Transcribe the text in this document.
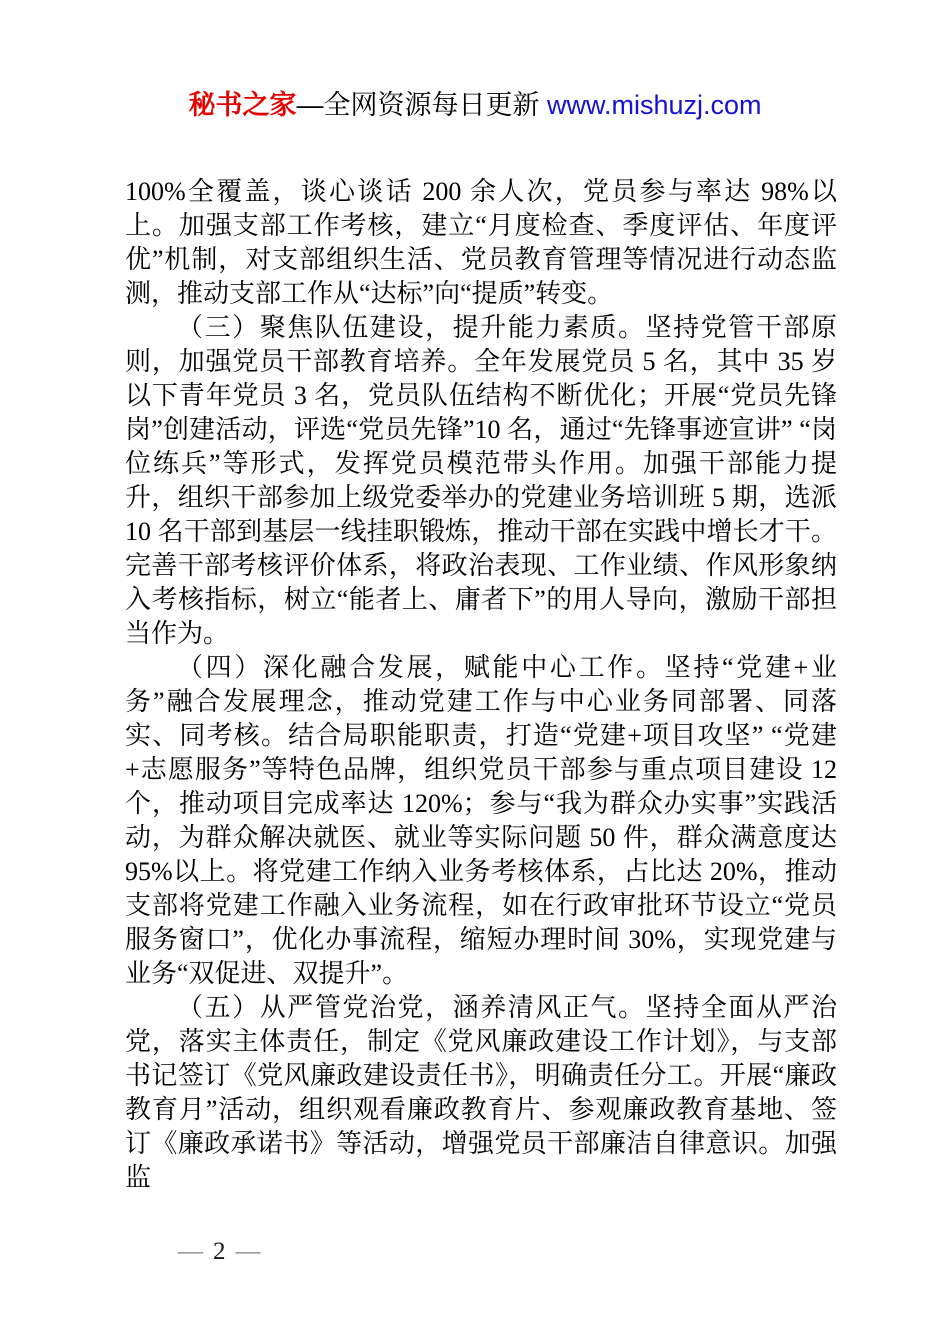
秘书之家—全网资源每日更新 www.mishuzj.com

100%全覆盖，谈心谈话 200 余人次，党员参与率达 98%以上。加强支部工作考核，建立“月度检查、季度评估、年度评优”机制，对支部组织生活、党员教育管理等情况进行动态监测，推动支部工作从“达标”向“提质”转变。

（三）聚焦队伍建设，提升能力素质。坚持党管干部原则，加强党员干部教育培养。全年发展党员 5 名，其中 35 岁以下青年党员 3 名，党员队伍结构不断优化；开展“党员先锋岗”创建活动，评选“党员先锋”10 名，通过“先锋事迹宣讲” “岗位练兵”等形式，发挥党员模范带头作用。加强干部能力提升，组织干部参加上级党委举办的党建业务培训班 5 期，选派 10 名干部到基层一线挂职锻炼，推动干部在实践中增长才干。完善干部考核评价体系，将政治表现、工作业绩、作风形象纳入考核指标，树立“能者上、庸者下”的用人导向，激励干部担当作为。

（四）深化融合发展，赋能中心工作。坚持“党建+业务”融合发展理念，推动党建工作与中心业务同部署、同落实、同考核。结合局职能职责，打造“党建+项目攻坚” “党建+志愿服务”等特色品牌，组织党员干部参与重点项目建设 12 个，推动项目完成率达 120%；参与“我为群众办实事”实践活动，为群众解决就医、就业等实际问题 50 件，群众满意度达 95%以上。将党建工作纳入业务考核体系，占比达 20%，推动支部将党建工作融入业务流程，如在行政审批环节设立“党员服务窗口”，优化办事流程，缩短办理时间 30%，实现党建与业务“双促进、双提升”。

（五）从严管党治党，涵养清风正气。坚持全面从严治党，落实主体责任，制定《党风廉政建设工作计划》，与支部书记签订《党风廉政建设责任书》，明确责任分工。开展“廉政教育月”活动，组织观看廉政教育片、参观廉政教育基地、签订《廉政承诺书》等活动，增强党员干部廉洁自律意识。加强监

— 2 —
